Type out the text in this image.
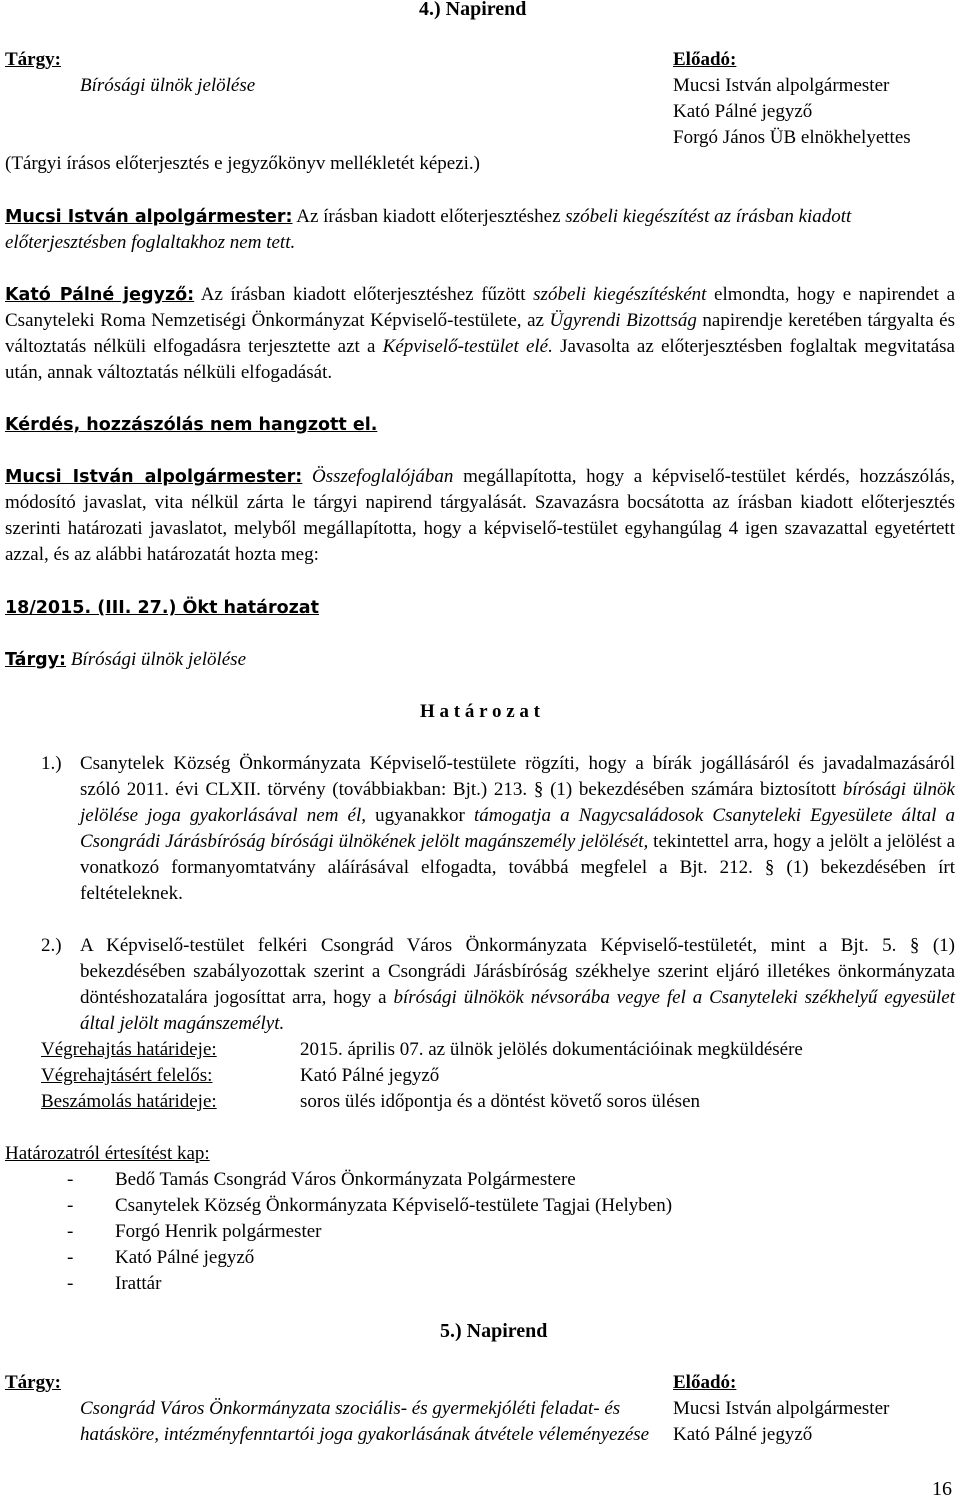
4.) Napirend
Tárgy:
Bírósági ülnök jelölése
(Tárgyi írásos előterjesztés e jegyzőkönyv mellékletét képezi.)
Előadó:
Mucsi István alpolgármester
Kató Pálné jegyző
Forgó János ÜB elnökhelyettes
Mucsi István alpolgármester: Az írásban kiadott előterjesztéshez szóbeli kiegészítést az írásban kiadott előterjesztésben foglaltakhoz nem tett.
Kató Pálné jegyző: Az írásban kiadott előterjesztéshez fűzött szóbeli kiegészítésként elmondta, hogy e napirendet a Csanyteleki Roma Nemzetiségi Önkormányzat Képviselő-testülete, az Ügyrendi Bizottság napirendje keretében tárgyalta és változtatás nélküli elfogadásra terjesztette azt a Képviselő-testület elé. Javasolta az előterjesztésben foglaltak megvitatása után, annak változtatás nélküli elfogadását.
Kérdés, hozzászólás nem hangzott el.
Mucsi István alpolgármester: Összefoglalójában megállapította, hogy a képviselő-testület kérdés, hozzászólás, módosító javaslat, vita nélkül zárta le tárgyi napirend tárgyalását. Szavazásra bocsátotta az írásban kiadott előterjesztés szerinti határozati javaslatot, melyből megállapította, hogy a képviselő-testület egyhangúlag 4 igen szavazattal egyetértett azzal, és az alábbi határozatát hozta meg:
18/2015. (III. 27.) Ökt határozat
Tárgy: Bírósági ülnök jelölése
H a t á r o z a t
1.) Csanytelek Község Önkormányzata Képviselő-testülete rögzíti, hogy a bírák jogállásáról és javadalmazásáról szóló 2011. évi CLXII. törvény (továbbiakban: Bjt.) 213. § (1) bekezdésében számára biztosított bírósági ülnök jelölése joga gyakorlásával nem él, ugyanakkor támogatja a Nagycsaládosok Csanyteleki Egyesülete által a Csongrádi Járásbíróság bírósági ülnökének jelölt magánszemély jelölését, tekintettel arra, hogy a jelölt a jelölést a vonatkozó formanyomtatvány aláírásával elfogadta, továbbá megfelel a Bjt. 212. § (1) bekezdésében írt feltételeknek.
2.) A Képviselő-testület felkéri Csongrád Város Önkormányzata Képviselő-testületét, mint a Bjt. 5. § (1) bekezdésében szabályozottak szerint a Csongrádi Járásbíróság székhelye szerint eljáró illetékes önkormányzata döntéshozatalára jogosíttat arra, hogy a bírósági ülnökök névsorába vegye fel a Csanyteleki székhelyű egyesület által jelölt magánszemélyt.
Végrehajtás határideje:	2015. április 07. az ülnök jelölés dokumentációinak megküldésére
Végrehajtásért felelős:	Kató Pálné jegyző
Beszámolás határideje:	soros ülés időpontja és a döntést követő soros ülésen
Határozatról értesítést kap:
- Bedő Tamás Csongrád Város Önkormányzata Polgármestere
- Csanytelek Község Önkormányzata Képviselő-testülete Tagjai (Helyben)
- Forgó Henrik polgármester
- Kató Pálné jegyző
- Irattár
5.) Napirend
Tárgy:
Csongrád Város Önkormányzata szociális- és gyermekjóléti feladat- és
hatásköre, intézményfenntartói joga gyakorlásának átvétele véleményezése
Előadó:
Mucsi István alpolgármester
Kató Pálné jegyző
16
